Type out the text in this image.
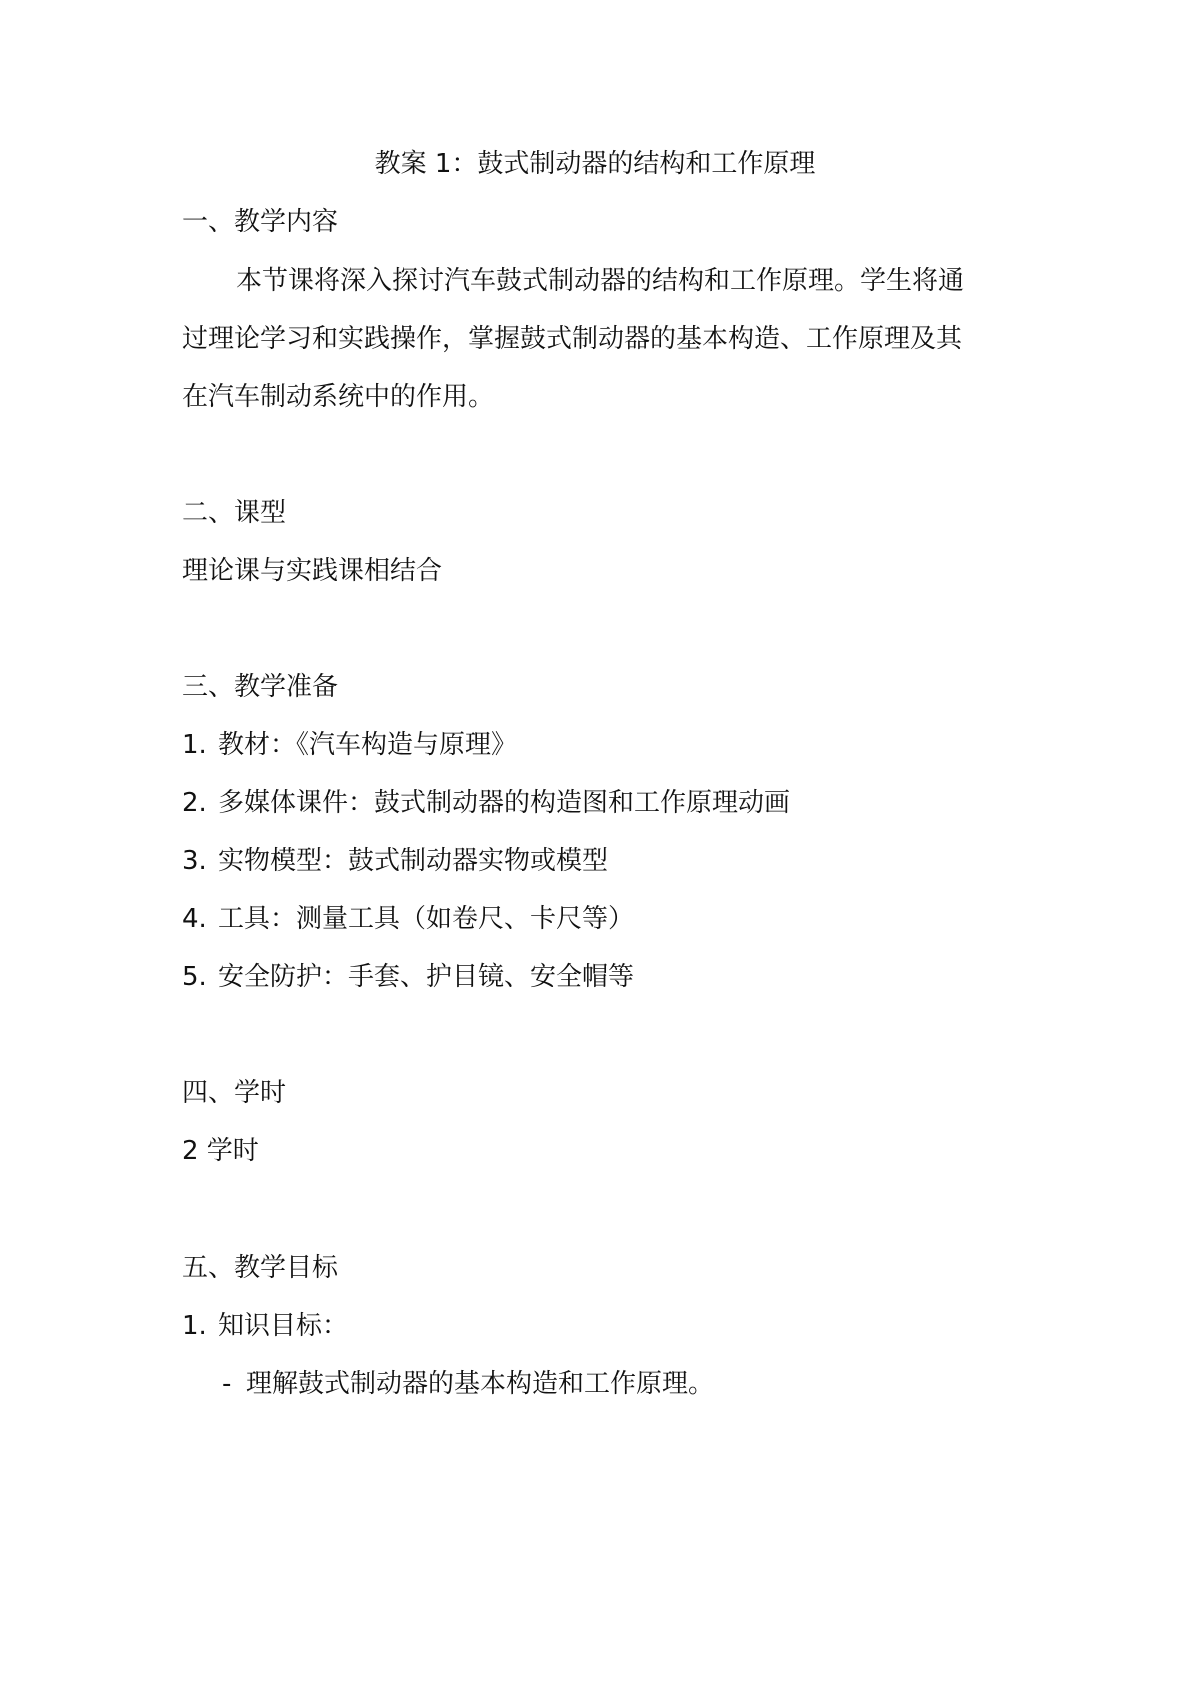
教案 1：鼓式制动器的结构和工作原理
一、教学内容
本节课将深入探讨汽车鼓式制动器的结构和工作原理。学生将通
过理论学习和实践操作，掌握鼓式制动器的基本构造、工作原理及其
在汽车制动系统中的作用。
二、课型
理论课与实践课相结合
三、教学准备
1. 教材：《汽车构造与原理》
2. 多媒体课件：鼓式制动器的构造图和工作原理动画
3. 实物模型：鼓式制动器实物或模型
4. 工具：测量工具（如卷尺、卡尺等）
5. 安全防护：手套、护目镜、安全帽等
四、学时
2 学时
五、教学目标
1. 知识目标：
- 理解鼓式制动器的基本构造和工作原理。
